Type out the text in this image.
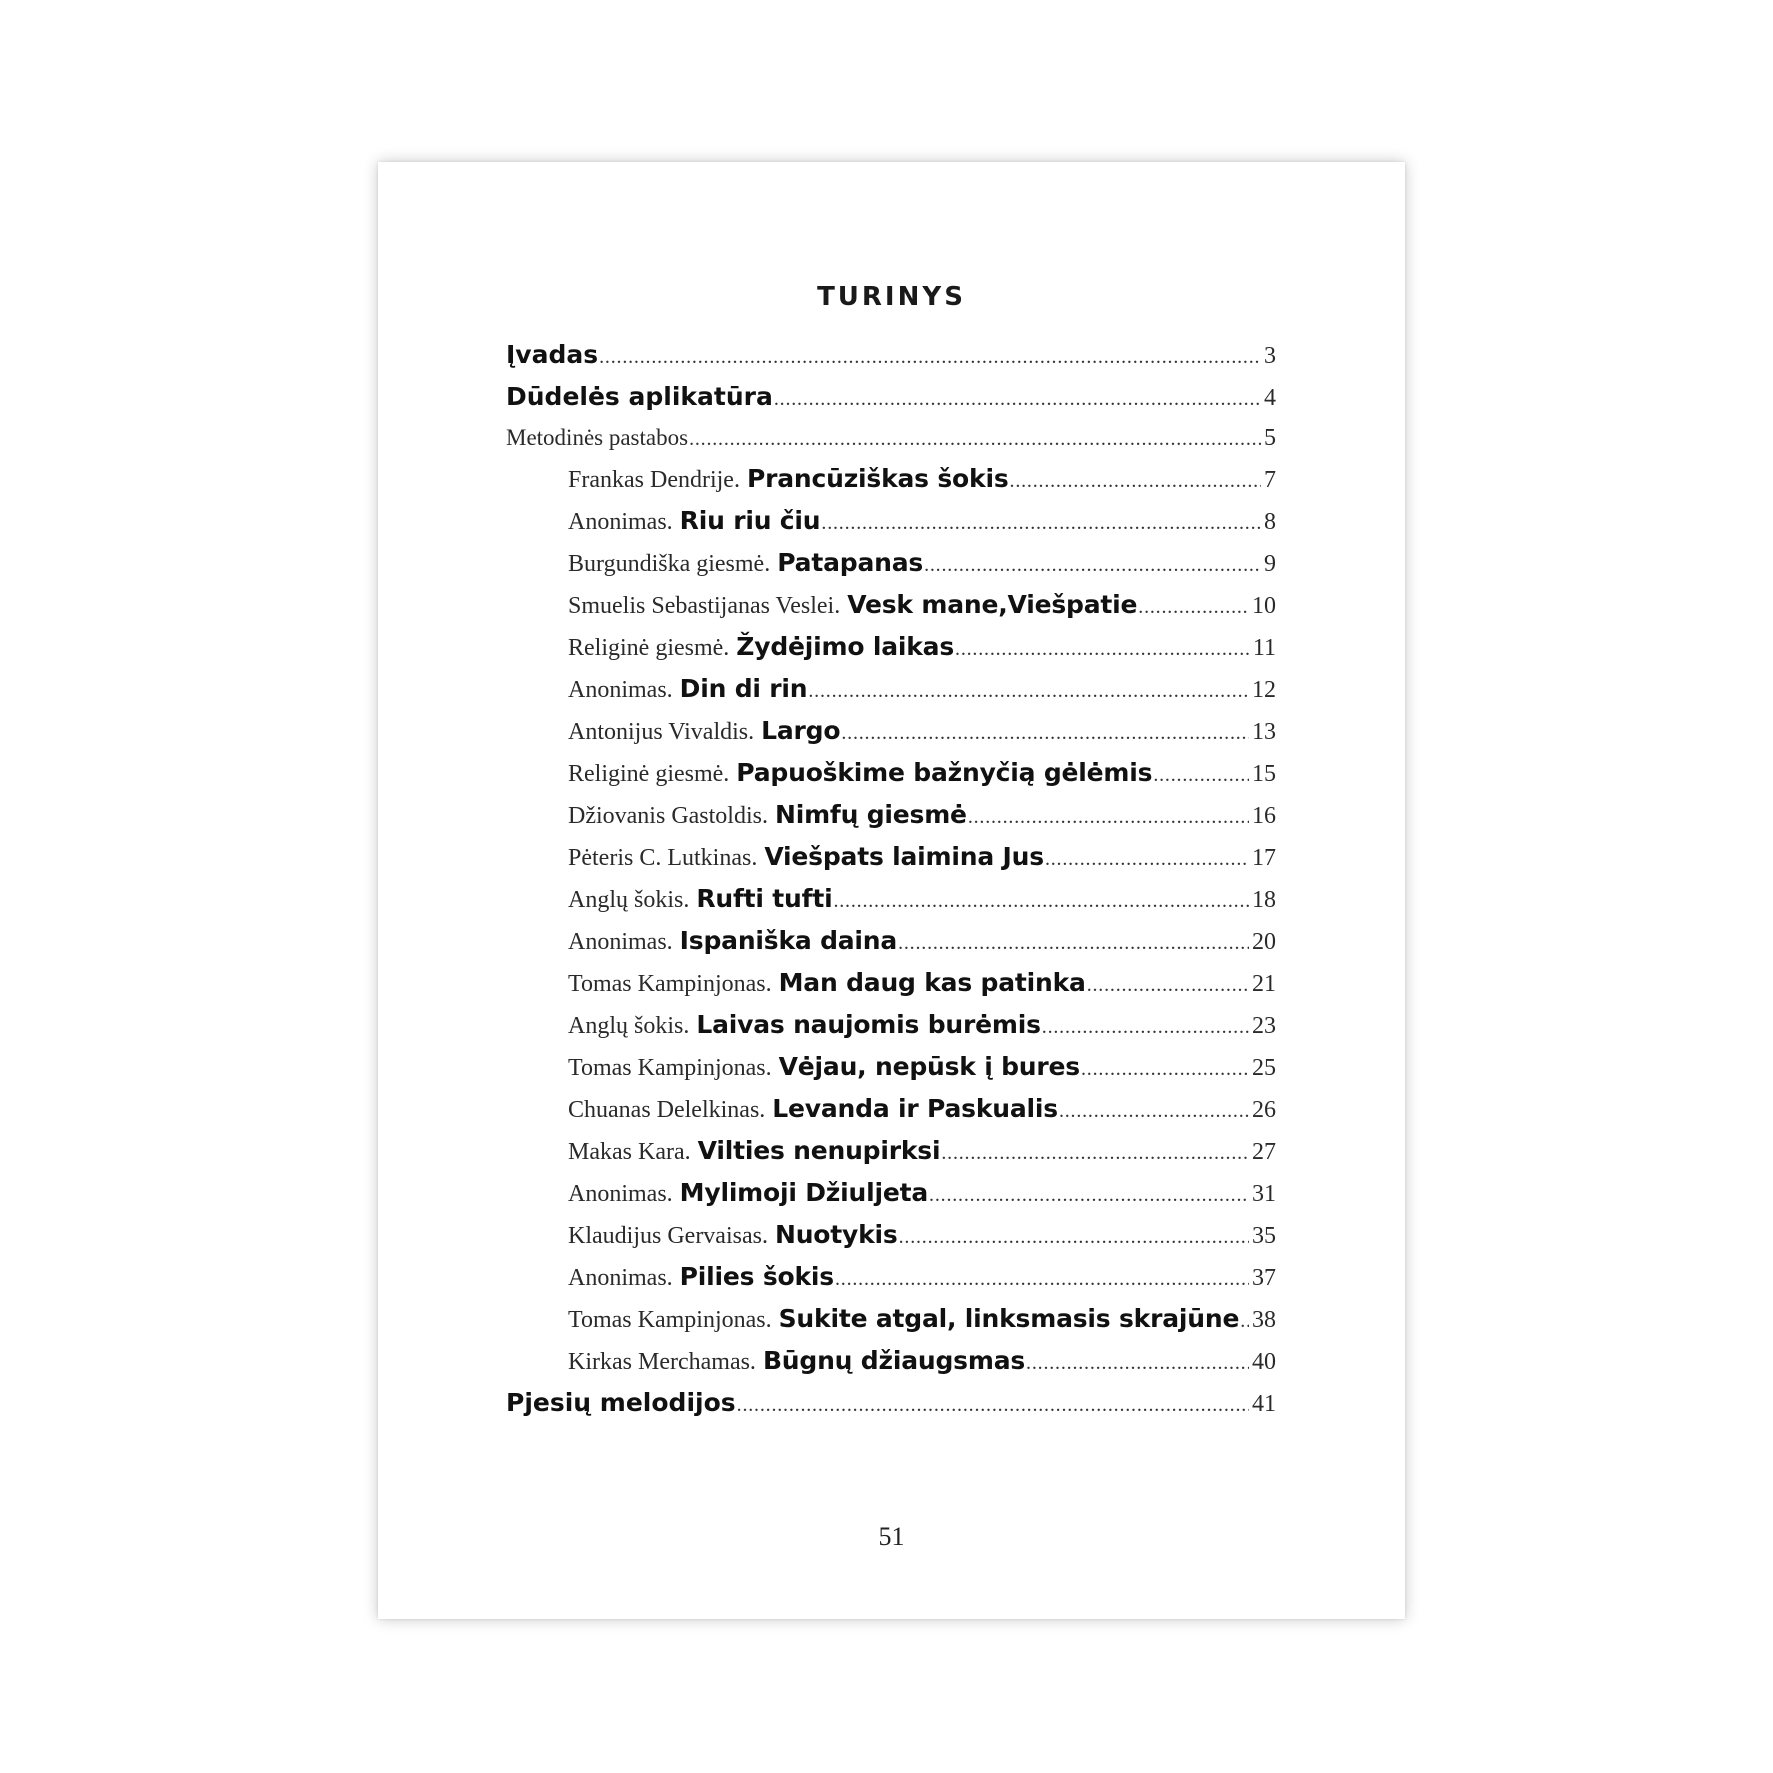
TURINYS
Įvadas .....	3
Dūdelės aplikatūra .....	4
Metodinės pastabos .....	5
Frankas Dendrije. Prancūziškas šokis .....	7
Anonimas. Riu riu čiu .....	8
Burgundiška giesmė. Patapanas .....	9
Smuelis Sebastijanas Veslei. Vesk mane,Viešpatie .....	10
Religinė giesmė. Žydėjimo laikas .....	11
Anonimas. Din di rin .....	12
Antonijus Vivaldis. Largo .....	13
Religinė giesmė. Papuoškime bažnyčią gėlėmis .....	15
Džiovanis Gastoldis. Nimfų giesmė .....	16
Pėteris C. Lutkinas. Viešpats laimina Jus .....	17
Anglų šokis. Rufti tufti .....	18
Anonimas. Ispaniška daina .....	20
Tomas Kampinjonas. Man daug kas patinka .....	21
Anglų šokis. Laivas naujomis burėmis .....	23
Tomas Kampinjonas. Vėjau, nepūsk į bures .....	25
Chuanas Delelkinas. Levanda ir Paskualis .....	26
Makas Kara. Vilties nenupirksi .....	27
Anonimas. Mylimoji Džiuljeta .....	31
Klaudijus Gervaisas. Nuotykis .....	35
Anonimas. Pilies šokis .....	37
Tomas Kampinjonas. Sukite atgal, linksmasis skrajūne ..... 38
Kirkas Merchamas. Būgnų džiaugsmas .....	40
Pjesių melodijos .....	41
51
